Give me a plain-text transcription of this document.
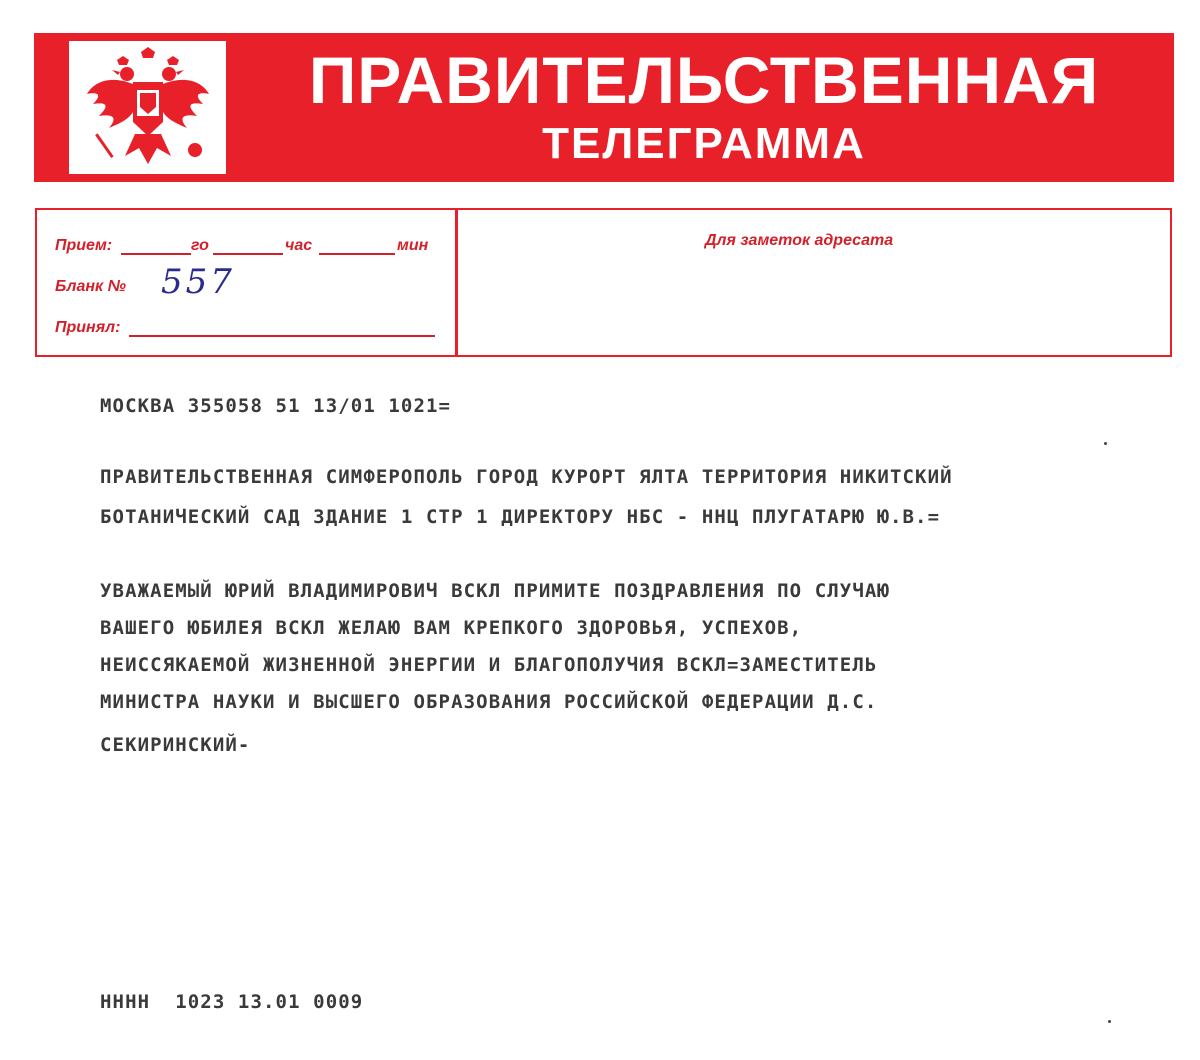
ПРАВИТЕЛЬСТВЕННАЯ
ТЕЛЕГРАММА
Прием:	го	час	мин
Бланк № 557
Принял:
Для заметок адресата
МОСКВА 355058 51 13/01 1021=
ПРАВИТЕЛЬСТВЕННАЯ СИМФЕРОПОЛЬ ГОРОД КУРОРТ ЯЛТА ТЕРРИТОРИЯ НИКИТСКИЙ
БОТАНИЧЕСКИЙ САД ЗДАНИЕ 1 СТР 1 ДИРЕКТОРУ НБС - ННЦ ПЛУГАТАРЮ Ю.В.=
УВАЖАЕМЫЙ ЮРИЙ ВЛАДИМИРОВИЧ ВСКЛ ПРИМИТЕ ПОЗДРАВЛЕНИЯ ПО СЛУЧАЮ
ВАШЕГО ЮБИЛЕЯ ВСКЛ ЖЕЛАЮ ВАМ КРЕПКОГО ЗДОРОВЬЯ, УСПЕХОВ,
НЕИССЯКАЕМОЙ ЖИЗНЕННОЙ ЭНЕРГИИ И БЛАГОПОЛУЧИЯ ВСКЛ=ЗАМЕСТИТЕЛЬ
МИНИСТРА НАУКИ И ВЫСШЕГО ОБРАЗОВАНИЯ РОССИЙСКОЙ ФЕДЕРАЦИИ Д.С.
СЕКИРИНСКИЙ-
НННН  1023 13.01 0009
